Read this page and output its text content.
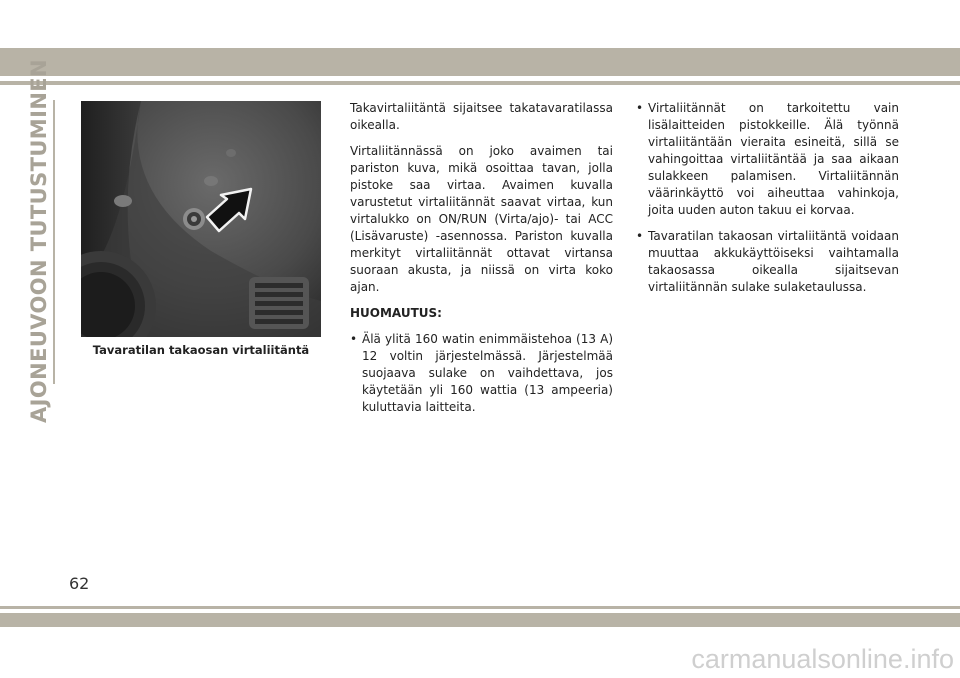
AJONEUVOON TUTUSTUMINEN	Tavaratilan takaosan virtaliitäntä

Takavirtaliitäntä sijaitsee takatavaratilassa oikealla.

Virtaliitännässä on joko avaimen tai pariston kuva, mikä osoittaa tavan, jolla pistoke saa virtaa. Avaimen kuvalla varustetut virtaliitännät saavat virtaa, kun virtalukko on ON/RUN (Virta/ajo)- tai ACC (Lisävaruste) -asennossa. Pariston kuvalla merkityt virtaliitännät ottavat virtansa suoraan akusta, ja niissä on virta koko ajan.

HUOMAUTUS:

• Älä ylitä 160 watin enimmäistehoa (13 A) 12 voltin järjestelmässä. Järjestelmää suojaava sulake on vaihdettava, jos käytetään yli 160 wattia (13 ampeeria) kuluttavia laitteita.
• Virtaliitännät on tarkoitettu vain lisälaitteiden pistokkeille. Älä työnnä virtaliitäntään vieraita esineitä, sillä se vahingoittaa virtaliitäntää ja saa aikaan sulakkeen palamisen. Virtaliitännän väärinkäyttö voi aiheuttaa vahinkoja, joita uuden auton takuu ei korvaa.
• Tavaratilan takaosan virtaliitäntä voidaan muuttaa akkukäyttöiseksi vaihtamalla takaosassa oikealla sijaitsevan virtaliitännän sulake sulaketaulussa.
62
carmanualsonline.info
